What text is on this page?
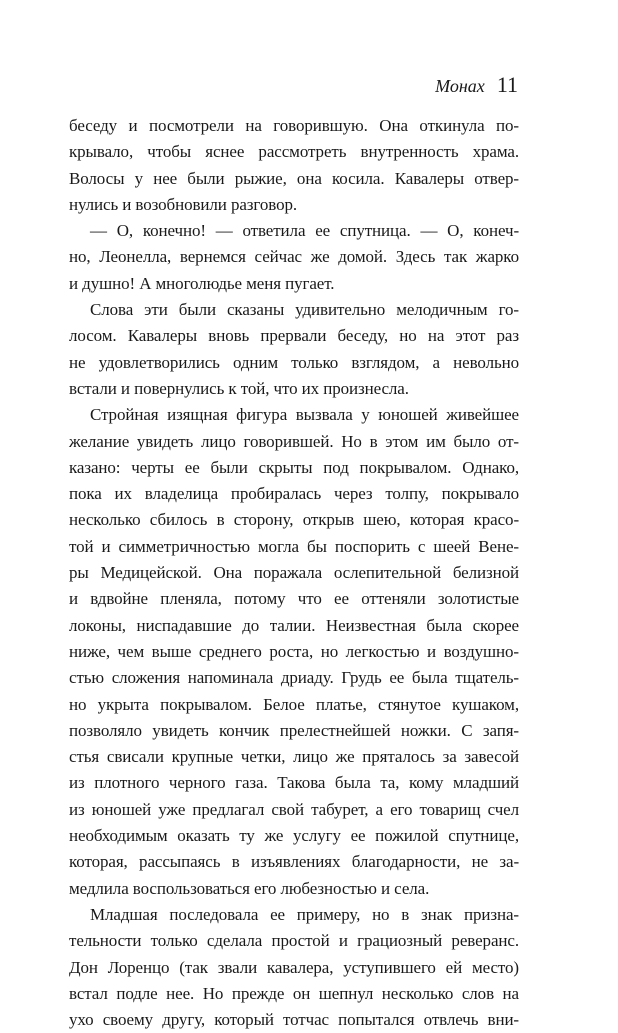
Монах 11
беседу и посмотрели на говорившую. Она откинула по-
крывало, чтобы яснее рассмотреть внутренность храма.
Волосы у нее были рыжие, она косила. Кавалеры отвер-
нулись и возобновили разговор.
— О, конечно! — ответила ее спутница. — О, конеч-
но, Леонелла, вернемся сейчас же домой. Здесь так жарко
и душно! А многолюдье меня пугает.
Слова эти были сказаны удивительно мелодичным го-
лосом. Кавалеры вновь прервали беседу, но на этот раз
не удовлетворились одним только взглядом, а невольно
встали и повернулись к той, что их произнесла.
Стройная изящная фигура вызвала у юношей живейшее
желание увидеть лицо говорившей. Но в этом им было от-
казано: черты ее были скрыты под покрывалом. Однако,
пока их владелица пробиралась через толпу, покрывало
несколько сбилось в сторону, открыв шею, которая красо-
той и симметричностью могла бы поспорить с шеей Вене-
ры Медицейской. Она поражала ослепительной белизной
и вдвойне пленяла, потому что ее оттеняли золотистые
локоны, ниспадавшие до талии. Неизвестная была скорее
ниже, чем выше среднего роста, но легкостью и воздушно-
стью сложения напоминала дриаду. Грудь ее была тщатель-
но укрыта покрывалом. Белое платье, стянутое кушаком,
позволяло увидеть кончик прелестнейшей ножки. С запя-
стья свисали крупные четки, лицо же пряталось за завесой
из плотного черного газа. Такова была та, кому младший
из юношей уже предлагал свой табурет, а его товарищ счел
необходимым оказать ту же услугу ее пожилой спутнице,
которая, рассыпаясь в изъявлениях благодарности, не за-
медлила воспользоваться его любезностью и села.
Младшая последовала ее примеру, но в знак призна-
тельности только сделала простой и грациозный реверанс.
Дон Лоренцо (так звали кавалера, уступившего ей место)
встал подле нее. Но прежде он шепнул несколько слов на
ухо своему другу, который тотчас попытался отвлечь вни-
